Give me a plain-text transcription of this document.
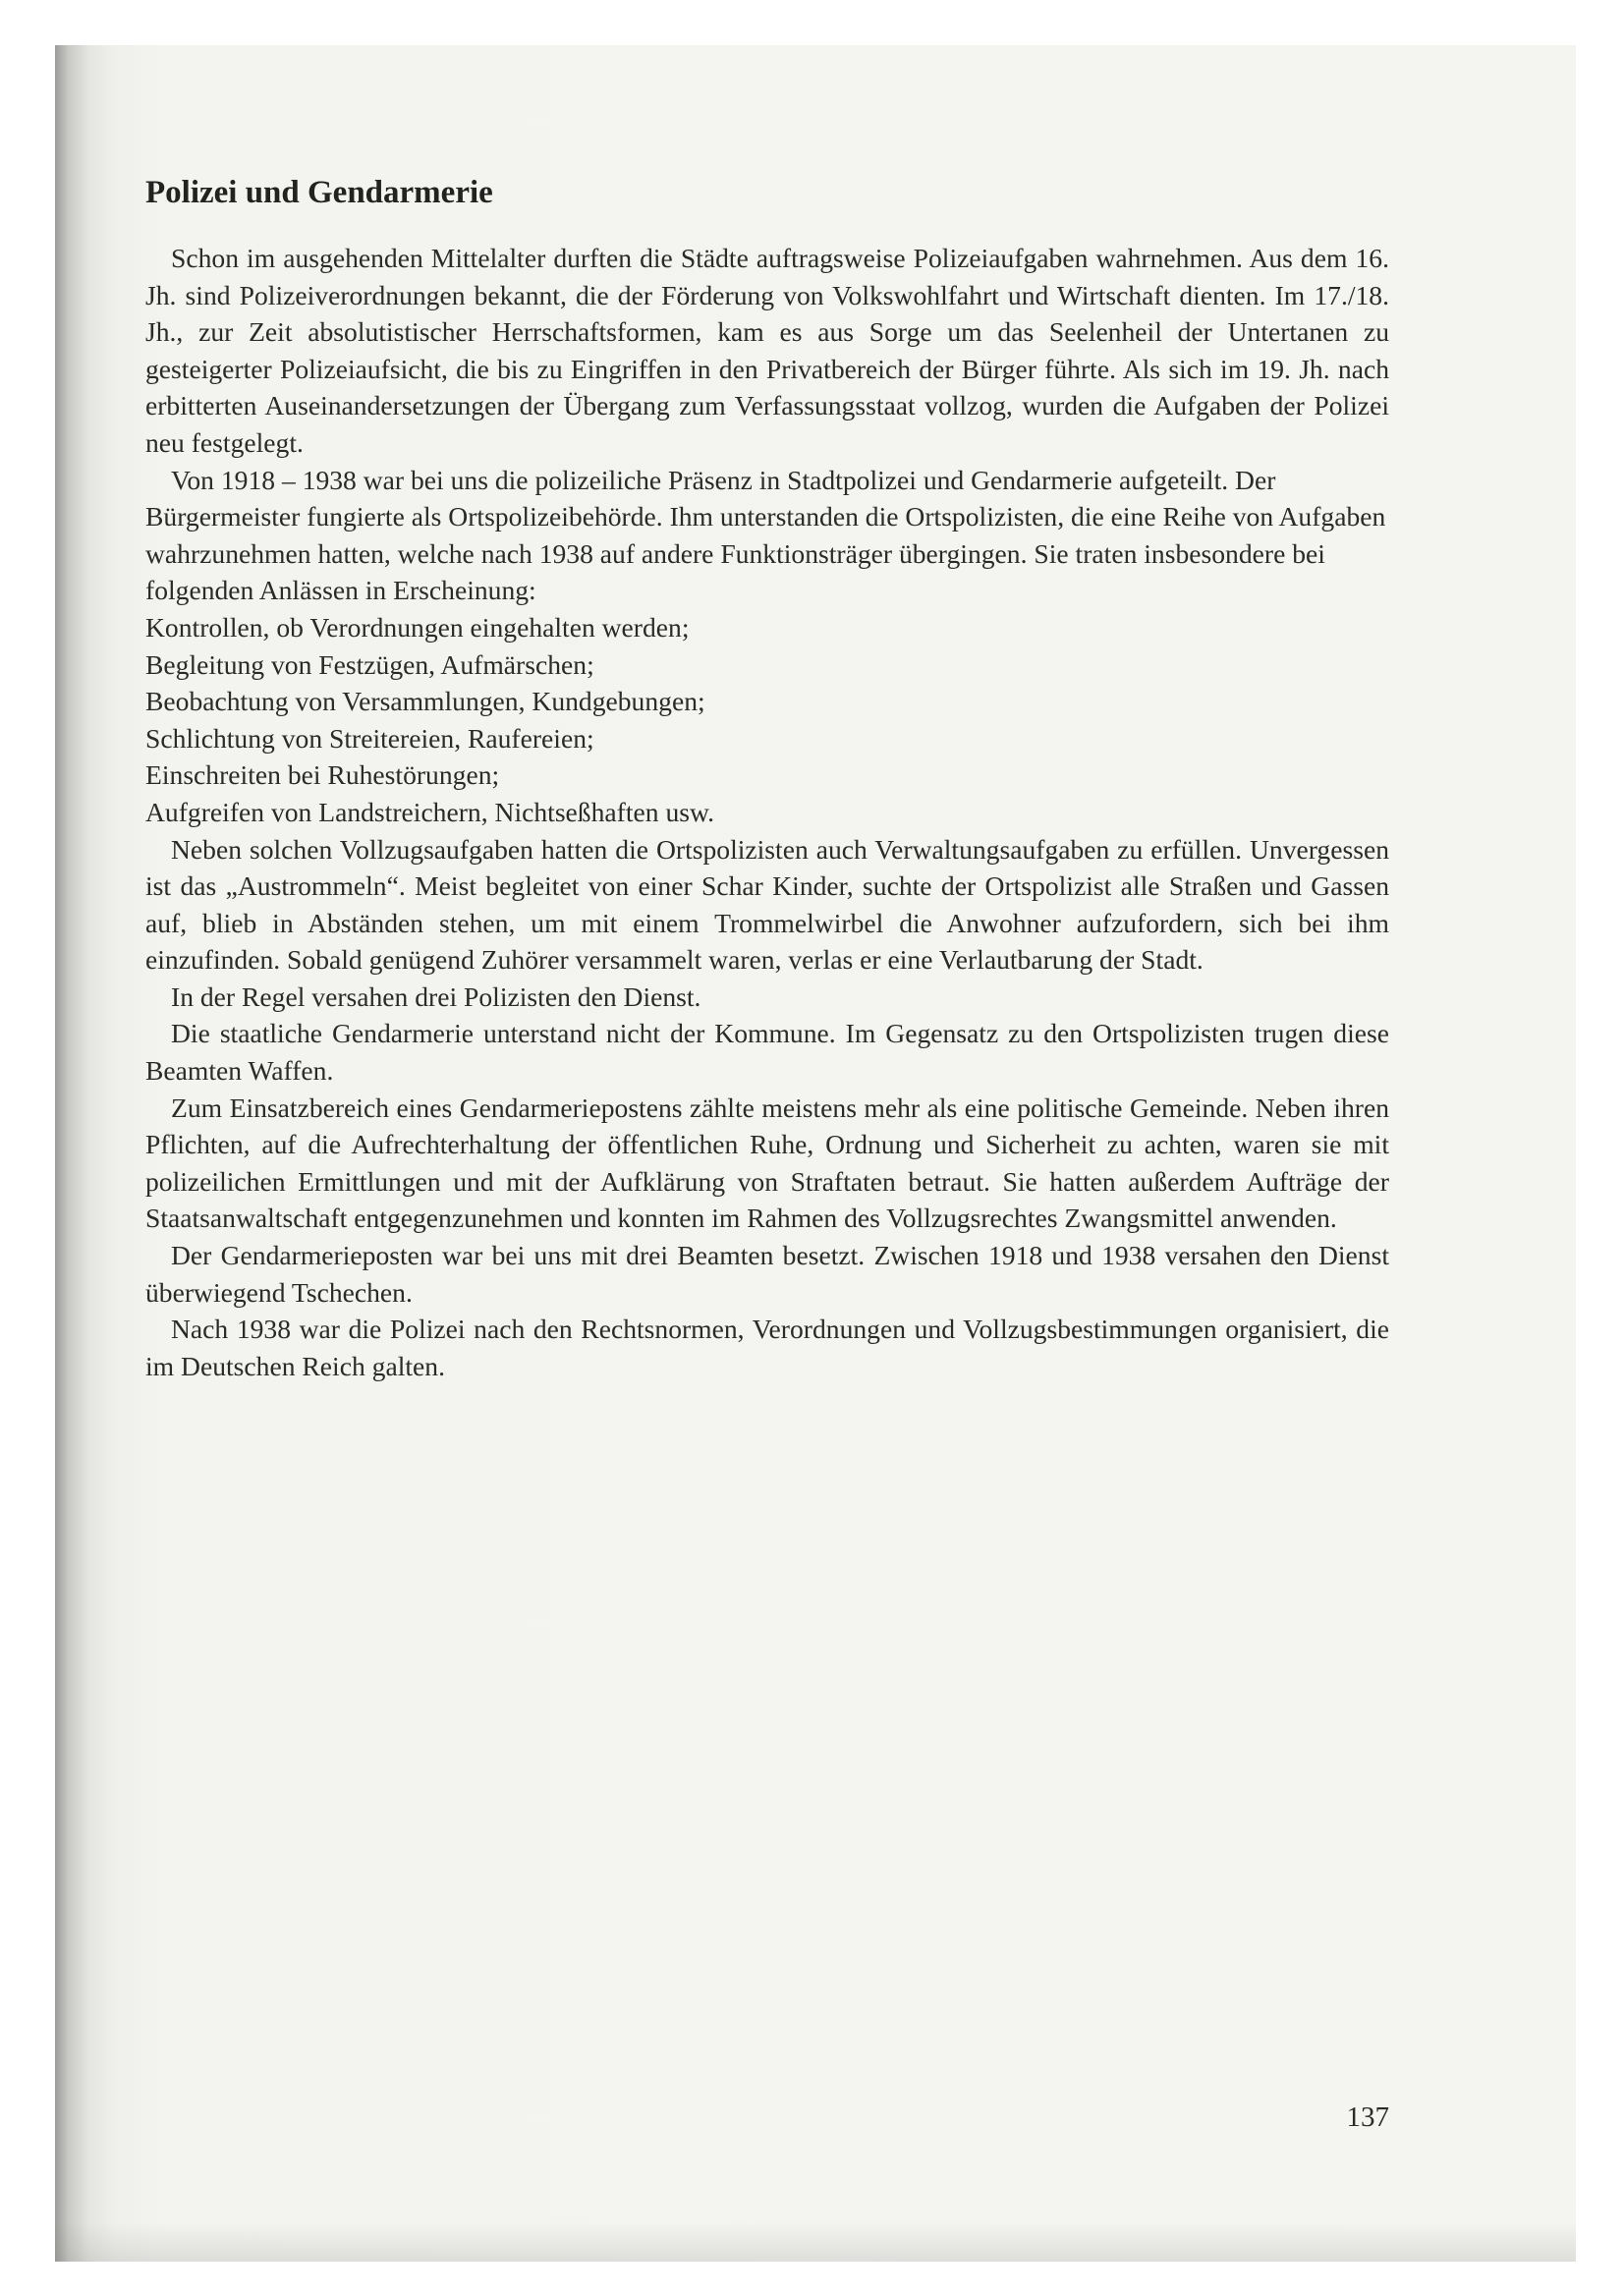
Polizei und Gendarmerie

Schon im ausgehenden Mittelalter durften die Städte auftragsweise Polizeiaufgaben wahrnehmen. Aus dem 16. Jh. sind Polizeiverordnungen bekannt, die der Förderung von Volkswohlfahrt und Wirtschaft dienten. Im 17./18. Jh., zur Zeit absolutistischer Herrschaftsformen, kam es aus Sorge um das Seelenheil der Untertanen zu gesteigerter Polizeiaufsicht, die bis zu Eingriffen in den Privatbereich der Bürger führte. Als sich im 19. Jh. nach erbitterten Auseinandersetzungen der Übergang zum Verfassungsstaat vollzog, wurden die Aufgaben der Polizei neu festgelegt.

Von 1918 – 1938 war bei uns die polizeiliche Präsenz in Stadtpolizei und Gendarmerie aufgeteilt. Der Bürgermeister fungierte als Ortspolizeibehörde. Ihm unterstanden die Ortspolizisten, die eine Reihe von Aufgaben wahrzunehmen hatten, welche nach 1938 auf andere Funktionsträger übergingen. Sie traten insbesondere bei folgenden Anlässen in Erscheinung:

Kontrollen, ob Verordnungen eingehalten werden;
Begleitung von Festzügen, Aufmärschen;
Beobachtung von Versammlungen, Kundgebungen;
Schlichtung von Streitereien, Raufereien;
Einschreiten bei Ruhestörungen;
Aufgreifen von Landstreichern, Nichtseßhaften usw.

Neben solchen Vollzugsaufgaben hatten die Ortspolizisten auch Verwaltungsaufgaben zu erfüllen. Unvergessen ist das „Austrommeln“. Meist begleitet von einer Schar Kinder, suchte der Ortspolizist alle Straßen und Gassen auf, blieb in Abständen stehen, um mit einem Trommelwirbel die Anwohner aufzufordern, sich bei ihm einzufinden. Sobald genügend Zuhörer versammelt waren, verlas er eine Verlautbarung der Stadt.

In der Regel versahen drei Polizisten den Dienst.

Die staatliche Gendarmerie unterstand nicht der Kommune. Im Gegensatz zu den Ortspolizisten trugen diese Beamten Waffen.

Zum Einsatzbereich eines Gendarmeriepostens zählte meistens mehr als eine politische Gemeinde. Neben ihren Pflichten, auf die Aufrechterhaltung der öffentlichen Ruhe, Ordnung und Sicherheit zu achten, waren sie mit polizeilichen Ermittlungen und mit der Aufklärung von Straftaten betraut. Sie hatten außerdem Aufträge der Staatsanwaltschaft entgegenzunehmen und konnten im Rahmen des Vollzugsrechtes Zwangsmittel anwenden.

Der Gendarmerieposten war bei uns mit drei Beamten besetzt. Zwischen 1918 und 1938 versahen den Dienst überwiegend Tschechen.

Nach 1938 war die Polizei nach den Rechtsnormen, Verordnungen und Vollzugsbestimmungen organisiert, die im Deutschen Reich galten.

137
